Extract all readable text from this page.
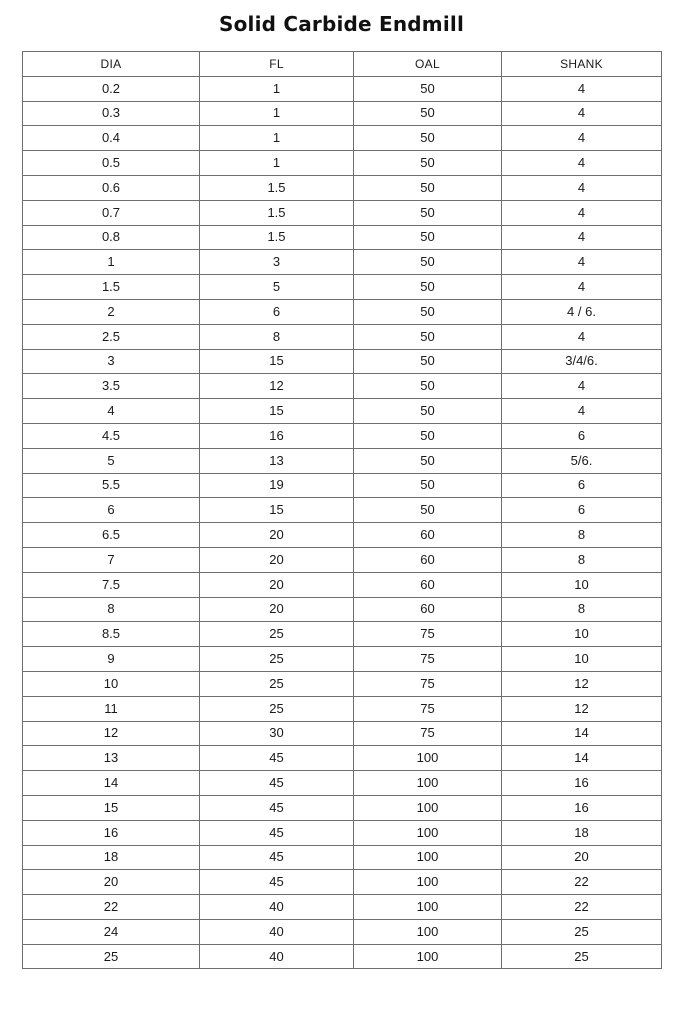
Solid Carbide Endmill
DIA	FL	OAL	SHANK
0.2	1	50	4
0.3	1	50	4
0.4	1	50	4
0.5	1	50	4
0.6	1.5	50	4
0.7	1.5	50	4
0.8	1.5	50	4
1	3	50	4
1.5	5	50	4
2	6	50	4 / 6.
2.5	8	50	4
3	15	50	3/4/6.
3.5	12	50	4
4	15	50	4
4.5	16	50	6
5	13	50	5/6.
5.5	19	50	6
6	15	50	6
6.5	20	60	8
7	20	60	8
7.5	20	60	10
8	20	60	8
8.5	25	75	10
9	25	75	10
10	25	75	12
11	25	75	12
12	30	75	14
13	45	100	14
14	45	100	16
15	45	100	16
16	45	100	18
18	45	100	20
20	45	100	22
22	40	100	22
24	40	100	25
25	40	100	25
